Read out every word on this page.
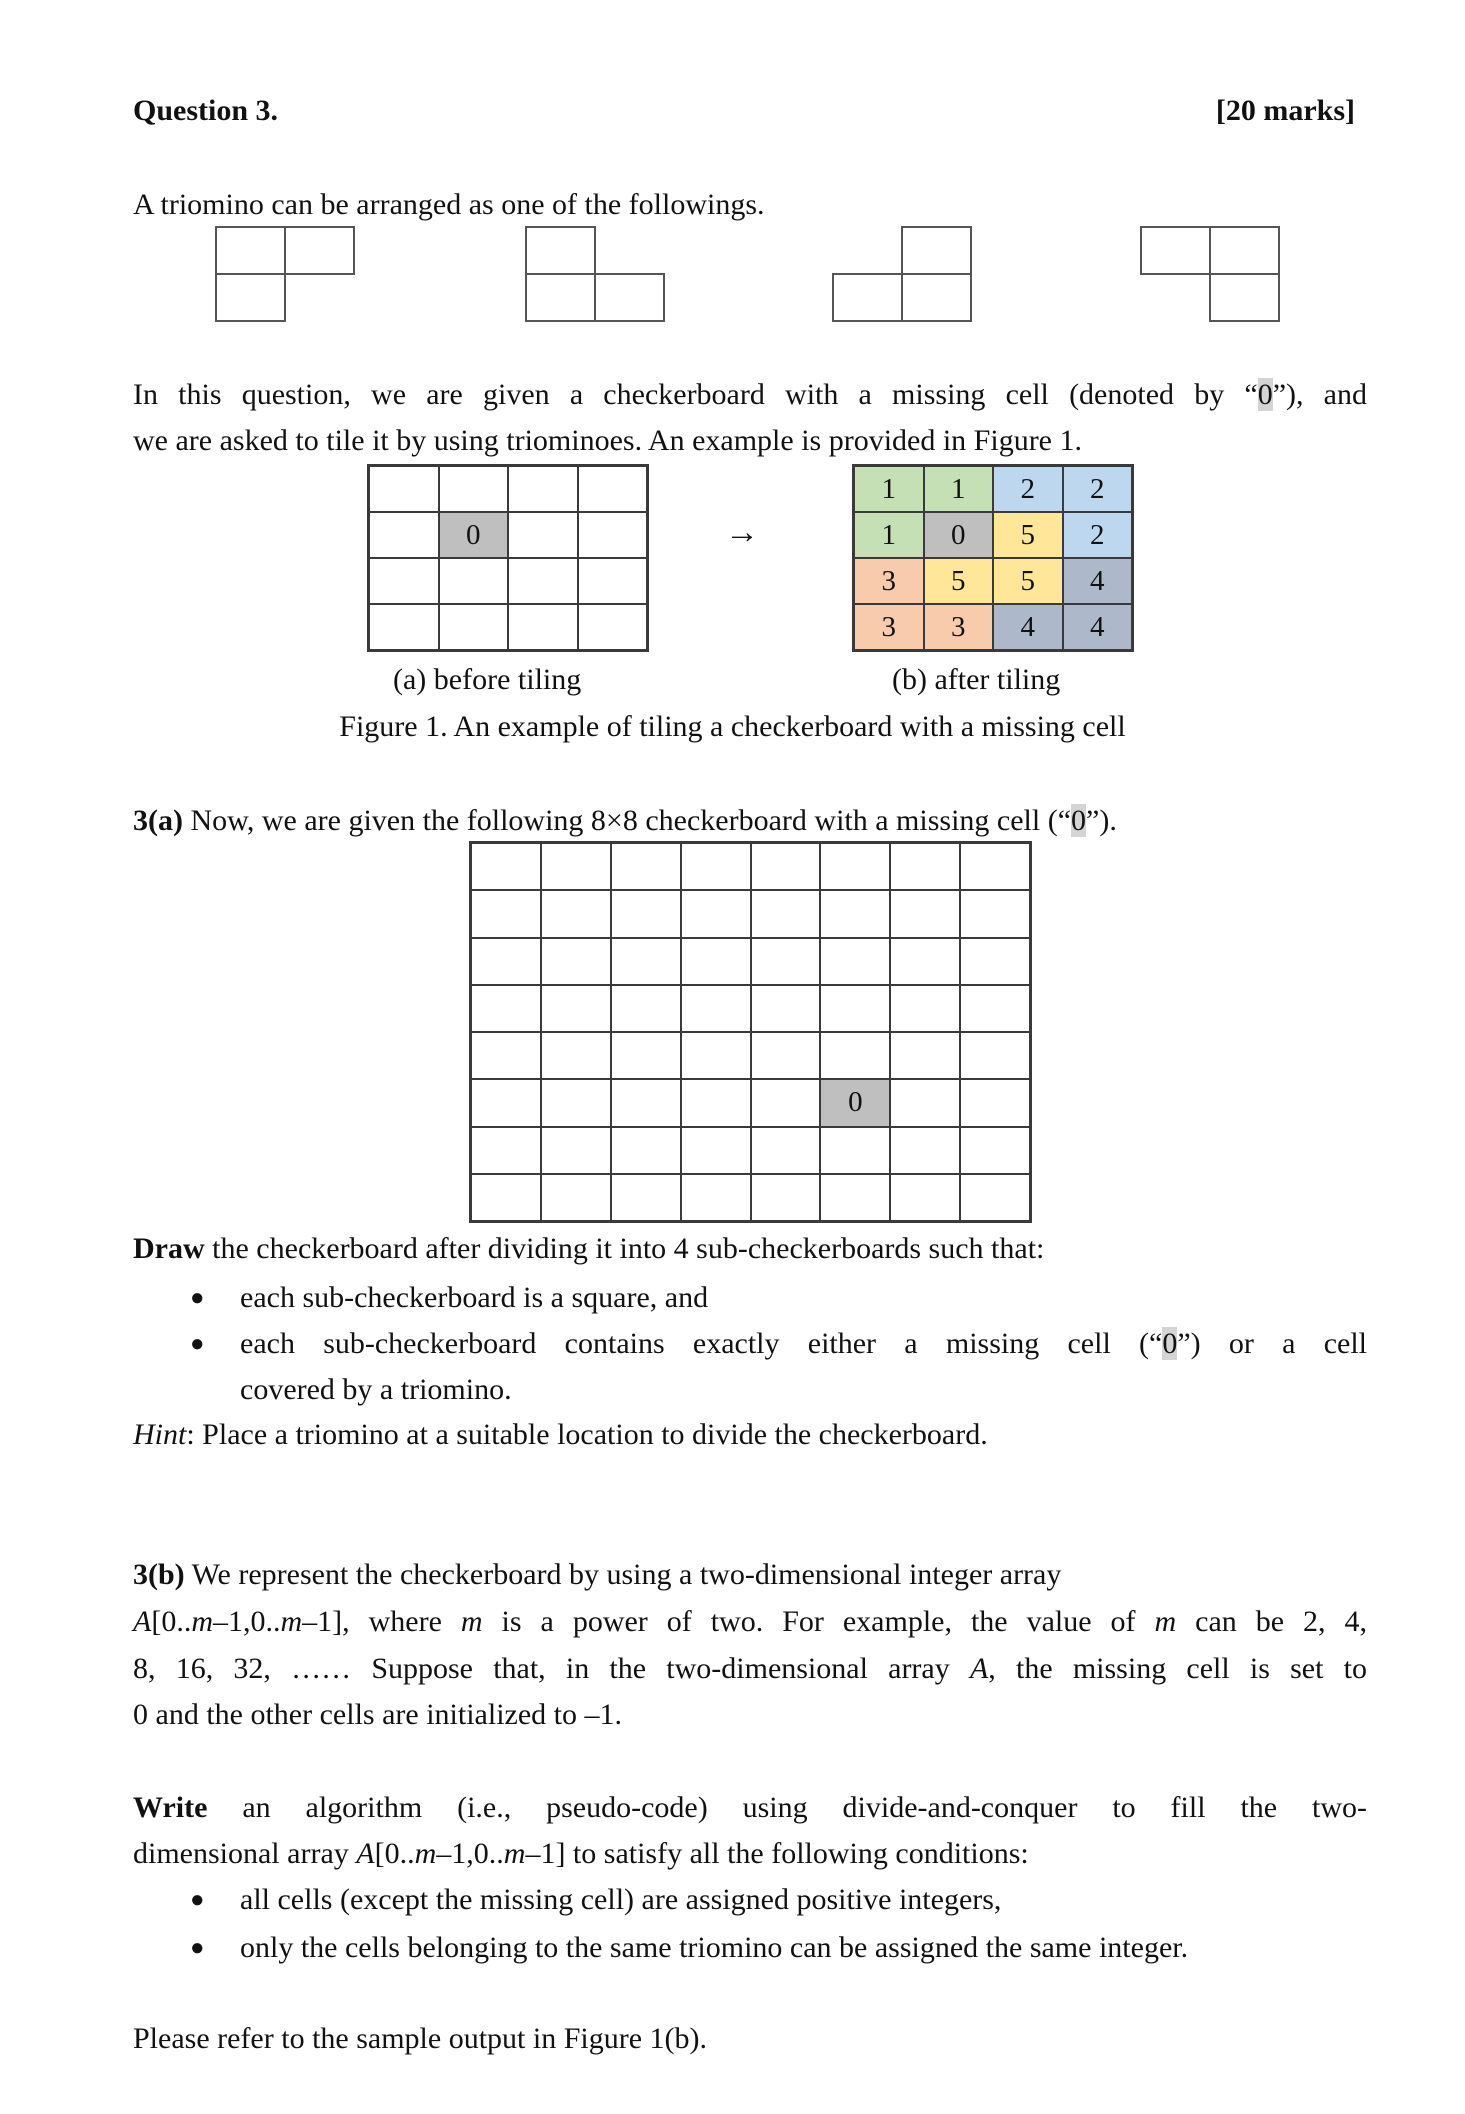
Question 3.	[20 marks]
A triomino can be arranged as one of the followings.
In this question, we are given a checkerboard with a missing cell (denoted by “0”), and
we are asked to tile it by using triominoes. An example is provided in Figure 1.
0	→
1	1	2	2
1	0	5	2
3	5	5	4
3	3	4	4
(a) before tiling	(b) after tiling
Figure 1. An example of tiling a checkerboard with a missing cell
3(a) Now, we are given the following 8×8 checkerboard with a missing cell (“0”).
0
Draw the checkerboard after dividing it into 4 sub-checkerboards such that:
● each sub-checkerboard is a square, and
● each sub-checkerboard contains exactly either a missing cell (“0”) or a cell
covered by a triomino.
Hint: Place a triomino at a suitable location to divide the checkerboard.
3(b) We represent the checkerboard by using a two-dimensional integer array
A[0..m–1,0..m–1], where m is a power of two. For example, the value of m can be 2, 4,
8, 16, 32, …… Suppose that, in the two-dimensional array A, the missing cell is set to
0 and the other cells are initialized to –1.
Write an algorithm (i.e., pseudo-code) using divide-and-conquer to fill the two-
dimensional array A[0..m–1,0..m–1] to satisfy all the following conditions:
● all cells (except the missing cell) are assigned positive integers,
● only the cells belonging to the same triomino can be assigned the same integer.
Please refer to the sample output in Figure 1(b).
